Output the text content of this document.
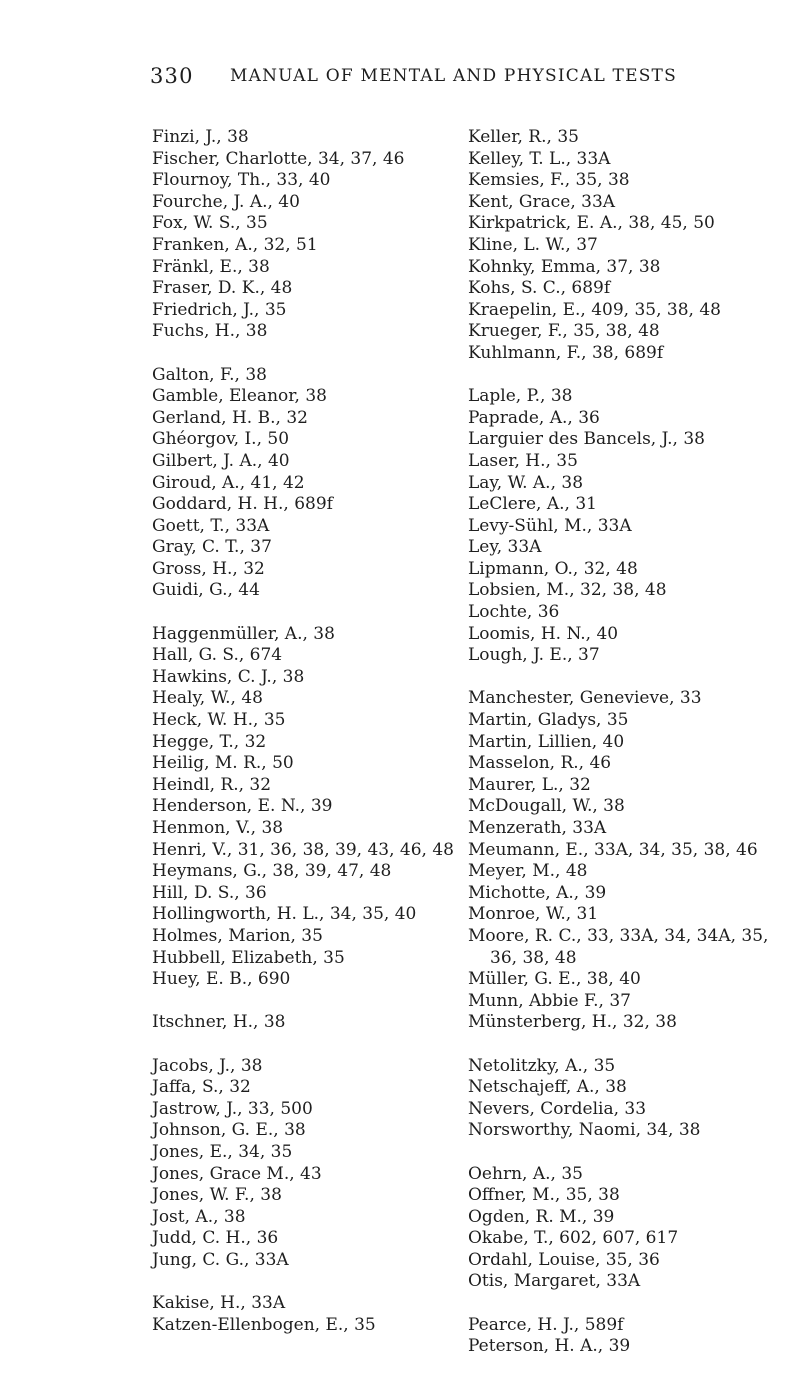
330 MANUAL OF MENTAL AND PHYSICAL TESTS
Finzi, J., 38
Fischer, Charlotte, 34, 37, 46
Flournoy, Th., 33, 40
Fourche, J. A., 40
Fox, W. S., 35
Franken, A., 32, 51
Fränkl, E., 38
Fraser, D. K., 48
Friedrich, J., 35
Fuchs, H., 38
Galton, F., 38
Gamble, Eleanor, 38
Gerland, H. B., 32
Ghéorgov, I., 50
Gilbert, J. A., 40
Giroud, A., 41, 42
Goddard, H. H., 689f
Goett, T., 33A
Gray, C. T., 37
Gross, H., 32
Guidi, G., 44
Haggenmüller, A., 38
Hall, G. S., 674
Hawkins, C. J., 38
Healy, W., 48
Heck, W. H., 35
Hegge, T., 32
Heilig, M. R., 50
Heindl, R., 32
Henderson, E. N., 39
Henmon, V., 38
Henri, V., 31, 36, 38, 39, 43, 46, 48
Heymans, G., 38, 39, 47, 48
Hill, D. S., 36
Hollingworth, H. L., 34, 35, 40
Holmes, Marion, 35
Hubbell, Elizabeth, 35
Huey, E. B., 690
Itschner, H., 38
Jacobs, J., 38
Jaffa, S., 32
Jastrow, J., 33, 500
Johnson, G. E., 38
Jones, E., 34, 35
Jones, Grace M., 43
Jones, W. F., 38
Jost, A., 38
Judd, C. H., 36
Jung, C. G., 33A
Kakise, H., 33A
Katzen-Ellenbogen, E., 35
Keller, R., 35
Kelley, T. L., 33A
Kemsies, F., 35, 38
Kent, Grace, 33A
Kirkpatrick, E. A., 38, 45, 50
Kline, L. W., 37
Kohnky, Emma, 37, 38
Kohs, S. C., 689f
Kraepelin, E., 409, 35, 38, 48
Krueger, F., 35, 38, 48
Kuhlmann, F., 38, 689f
Laple, P., 38
Paprade, A., 36
Larguier des Bancels, J., 38
Laser, H., 35
Lay, W. A., 38
LeClere, A., 31
Levy-Sühl, M., 33A
Ley, 33A
Lipmann, O., 32, 48
Lobsien, M., 32, 38, 48
Lochte, 36
Loomis, H. N., 40
Lough, J. E., 37
Manchester, Genevieve, 33
Martin, Gladys, 35
Martin, Lillien, 40
Masselon, R., 46
Maurer, L., 32
McDougall, W., 38
Menzerath, 33A
Meumann, E., 33A, 34, 35, 38, 46
Meyer, M., 48
Michotte, A., 39
Monroe, W., 31
Moore, R. C., 33, 33A, 34, 34A, 35,
36, 38, 48
Müller, G. E., 38, 40
Munn, Abbie F., 37
Münsterberg, H., 32, 38
Netolitzky, A., 35
Netschajeff, A., 38
Nevers, Cordelia, 33
Norsworthy, Naomi, 34, 38
Oehrn, A., 35
Offner, M., 35, 38
Ogden, R. M., 39
Okabe, T., 602, 607, 617
Ordahl, Louise, 35, 36
Otis, Margaret, 33A
Pearce, H. J., 589f
Peterson, H. A., 39
